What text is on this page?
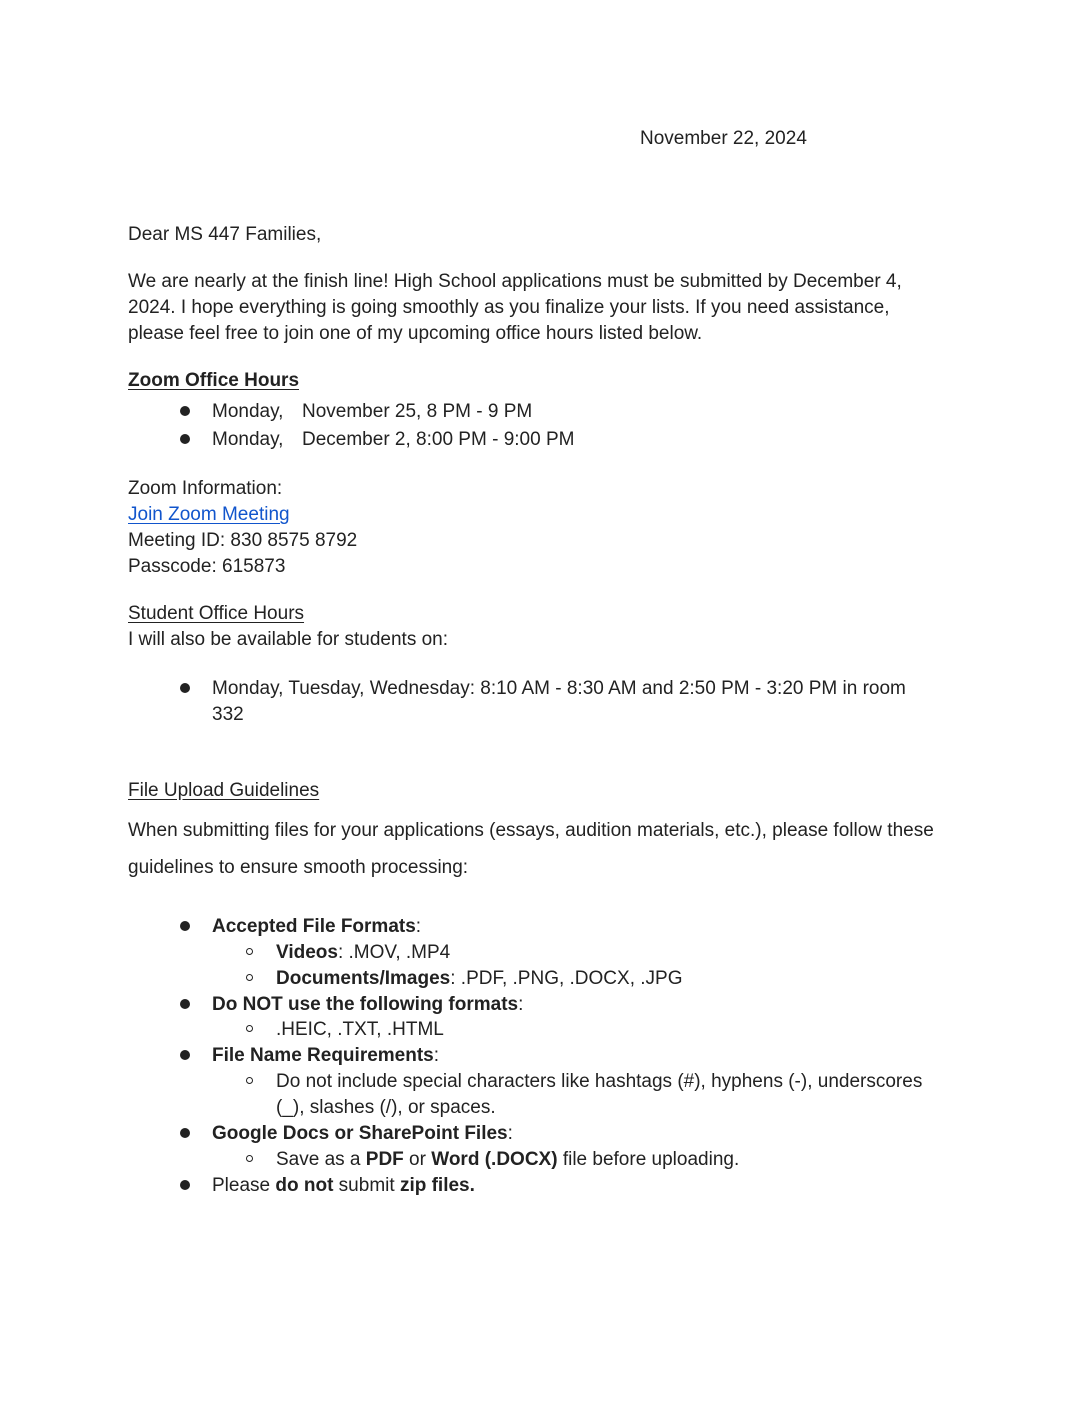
November 22, 2024
Dear MS 447 Families,
We are nearly at the finish line! High School applications must be submitted by December 4,
2024. I hope everything is going smoothly as you finalize your lists. If you need assistance,
please feel free to join one of my upcoming office hours listed below.
Zoom Office Hours
Monday, November 25, 8 PM - 9 PM
Monday, December 2, 8:00 PM - 9:00 PM
Zoom Information:
Join Zoom Meeting
Meeting ID: 830 8575 8792
Passcode: 615873
Student Office Hours
I will also be available for students on:
Monday, Tuesday, Wednesday: 8:10 AM - 8:30 AM and 2:50 PM - 3:20 PM in room
332
File Upload Guidelines
When submitting files for your applications (essays, audition materials, etc.), please follow these
guidelines to ensure smooth processing:
Accepted File Formats:
Videos: .MOV, .MP4
Documents/Images: .PDF, .PNG, .DOCX, .JPG
Do NOT use the following formats:
.HEIC, .TXT, .HTML
File Name Requirements:
Do not include special characters like hashtags (#), hyphens (-), underscores
(_), slashes (/), or spaces.
Google Docs or SharePoint Files:
Save as a PDF or Word (.DOCX) file before uploading.
Please do not submit zip files.
